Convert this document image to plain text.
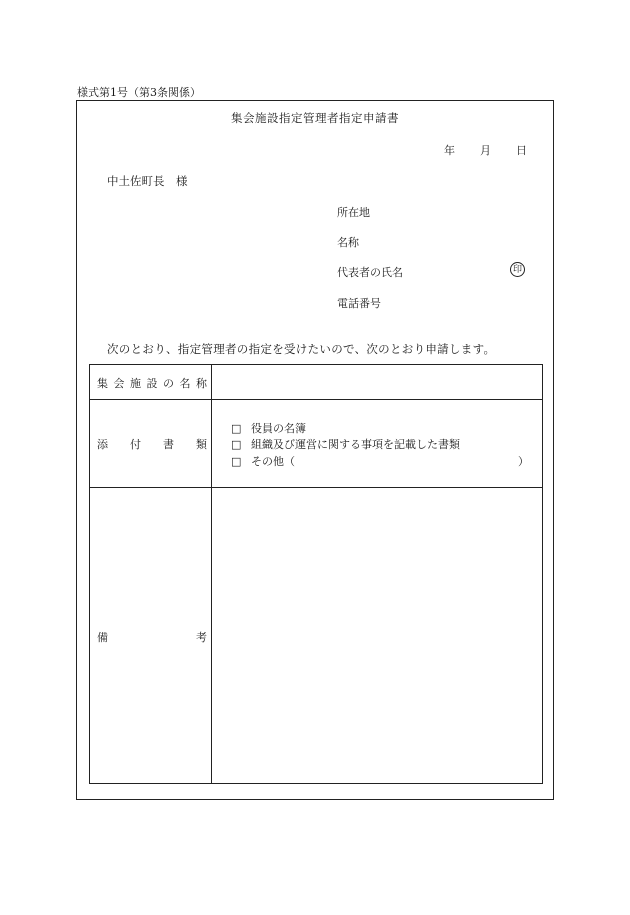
様式第1号（第3条関係）
集会施設指定管理者指定申請書
年 月 日
中土佐町長　様
所在地
名称
代表者の氏名	印
電話番号
次のとおり、指定管理者の指定を受けたいので、次のとおり申請します。
集 会 施 設 の 名 称
添 付 書 類
□ 役員の名簿
□ 組織及び運営に関する事項を記載した書類
□ その他（	）
備	考
